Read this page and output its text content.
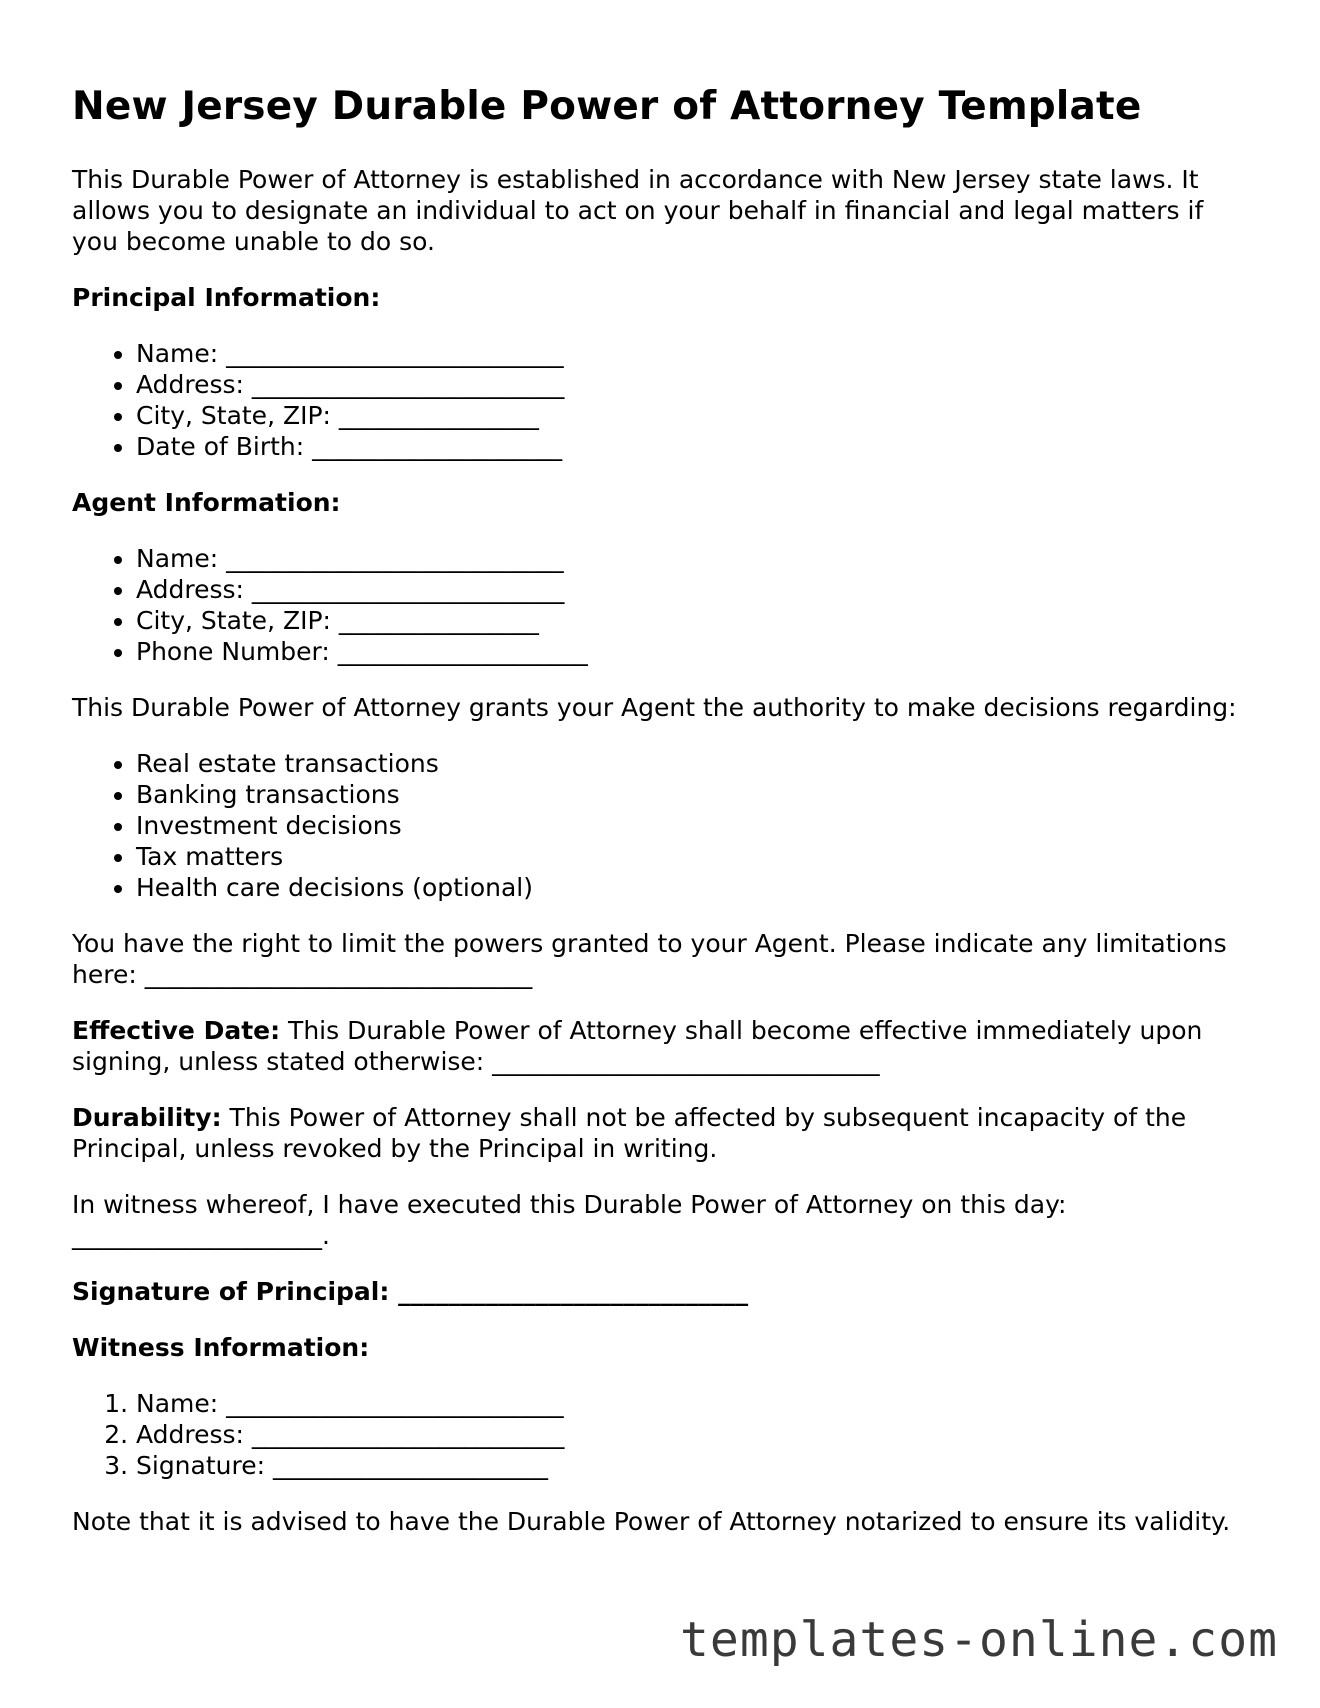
New Jersey Durable Power of Attorney Template

This Durable Power of Attorney is established in accordance with New Jersey state laws. It allows you to designate an individual to act on your behalf in financial and legal matters if you become unable to do so.

Principal Information:

• Name: ___________________________
• Address: _________________________
• City, State, ZIP: ________________
• Date of Birth: ____________________

Agent Information:

• Name: ___________________________
• Address: _________________________
• City, State, ZIP: ________________
• Phone Number: ____________________

This Durable Power of Attorney grants your Agent the authority to make decisions regarding:

• Real estate transactions
• Banking transactions
• Investment decisions
• Tax matters
• Health care decisions (optional)

You have the right to limit the powers granted to your Agent. Please indicate any limitations here: _______________________________

Effective Date: This Durable Power of Attorney shall become effective immediately upon signing, unless stated otherwise: _______________________________

Durability: This Power of Attorney shall not be affected by subsequent incapacity of the Principal, unless revoked by the Principal in writing.

In witness whereof, I have executed this Durable Power of Attorney on this day: ____________________.

Signature of Principal: ____________________________

Witness Information:

1. Name: ___________________________
2. Address: _________________________
3. Signature: ______________________

Note that it is advised to have the Durable Power of Attorney notarized to ensure its validity.

templates-online.com
